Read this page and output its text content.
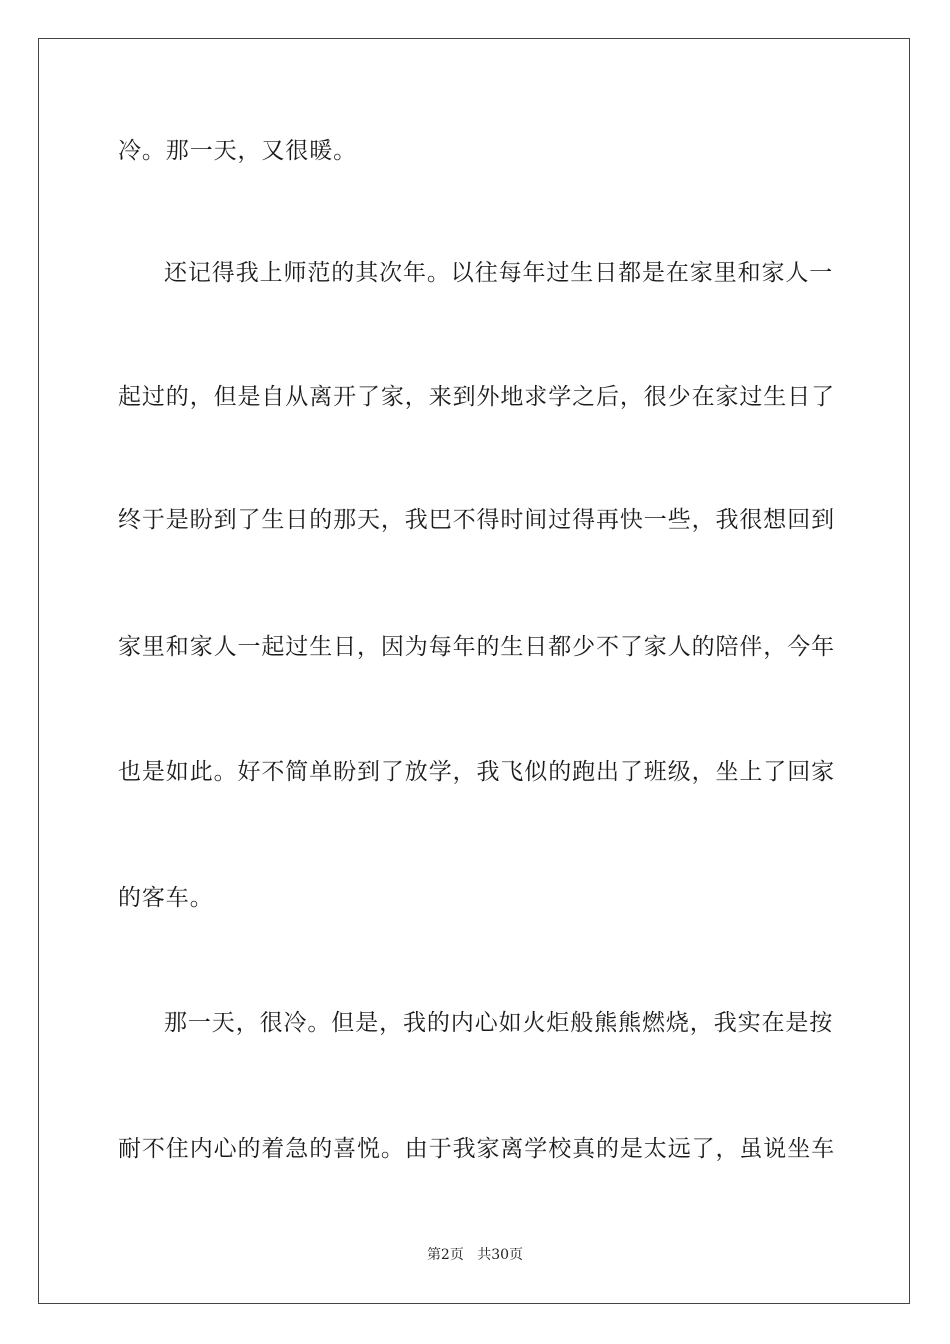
冷。那一天，又很暖。
还记得我上师范的其次年。以往每年过生日都是在家里和家人一
起过的，但是自从离开了家，来到外地求学之后，很少在家过生日了
终于是盼到了生日的那天，我巴不得时间过得再快一些，我很想回到
家里和家人一起过生日，因为每年的生日都少不了家人的陪伴，今年
也是如此。好不简单盼到了放学，我飞似的跑出了班级，坐上了回家
的客车。
那一天，很冷。但是，我的内心如火炬般熊熊燃烧，我实在是按
耐不住内心的着急的喜悦。由于我家离学校真的是太远了，虽说坐车
第2页 共30页
